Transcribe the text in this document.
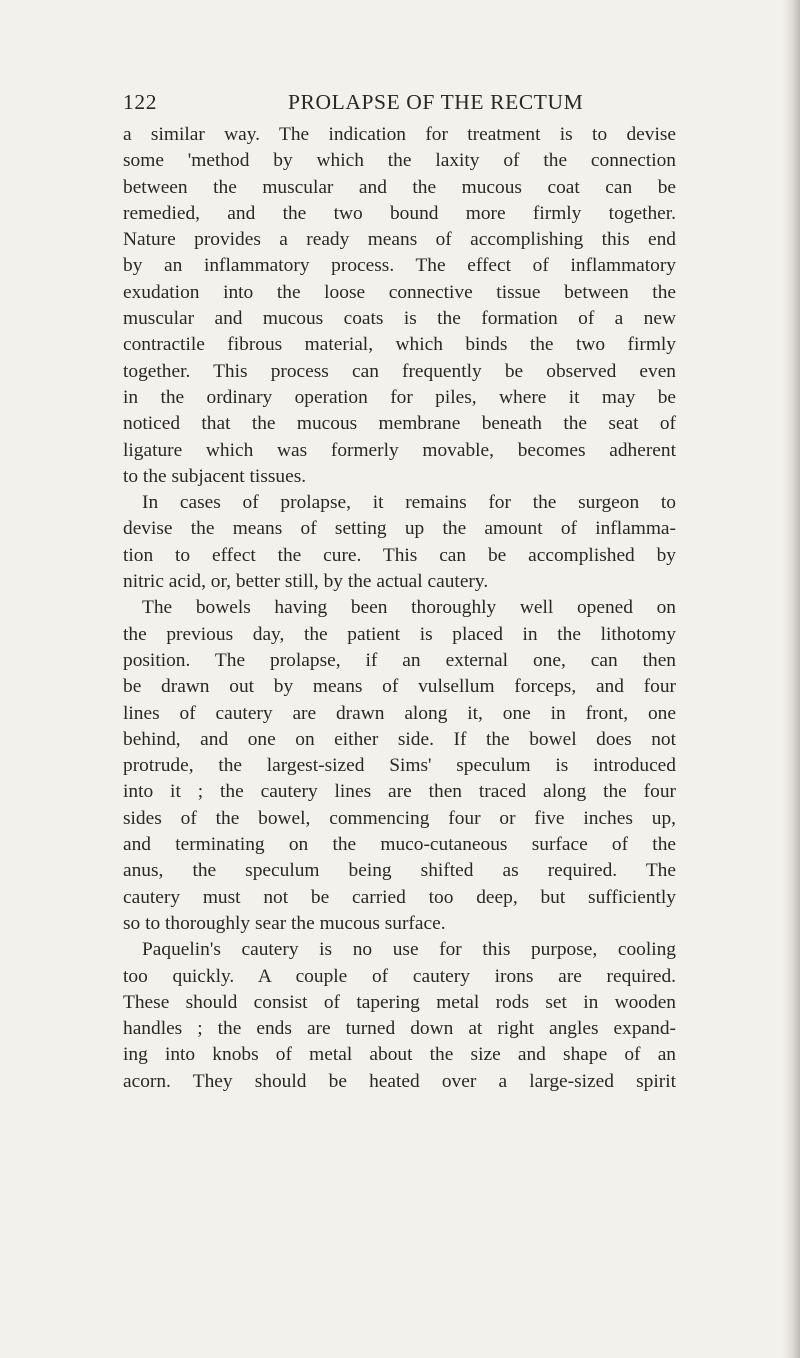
122	PROLAPSE OF THE RECTUM
a similar way. The indication for treatment is to devise
some 'method by which the laxity of the connection
between the muscular and the mucous coat can be
remedied, and the two bound more firmly together.
Nature provides a ready means of accomplishing this end
by an inflammatory process. The effect of inflammatory
exudation into the loose connective tissue between the
muscular and mucous coats is the formation of a new
contractile fibrous material, which binds the two firmly
together. This process can frequently be observed even
in the ordinary operation for piles, where it may be
noticed that the mucous membrane beneath the seat of
ligature which was formerly movable, becomes adherent
to the subjacent tissues.
In cases of prolapse, it remains for the surgeon to
devise the means of setting up the amount of inflamma-
tion to effect the cure. This can be accomplished by
nitric acid, or, better still, by the actual cautery.
The bowels having been thoroughly well opened on
the previous day, the patient is placed in the lithotomy
position. The prolapse, if an external one, can then
be drawn out by means of vulsellum forceps, and four
lines of cautery are drawn along it, one in front, one
behind, and one on either side. If the bowel does not
protrude, the largest-sized Sims' speculum is introduced
into it ; the cautery lines are then traced along the four
sides of the bowel, commencing four or five inches up,
and terminating on the muco-cutaneous surface of the
anus, the speculum being shifted as required. The
cautery must not be carried too deep, but sufficiently
so to thoroughly sear the mucous surface.
Paquelin's cautery is no use for this purpose, cooling
too quickly. A couple of cautery irons are required.
These should consist of tapering metal rods set in wooden
handles ; the ends are turned down at right angles expand-
ing into knobs of metal about the size and shape of an
acorn. They should be heated over a large-sized spirit
